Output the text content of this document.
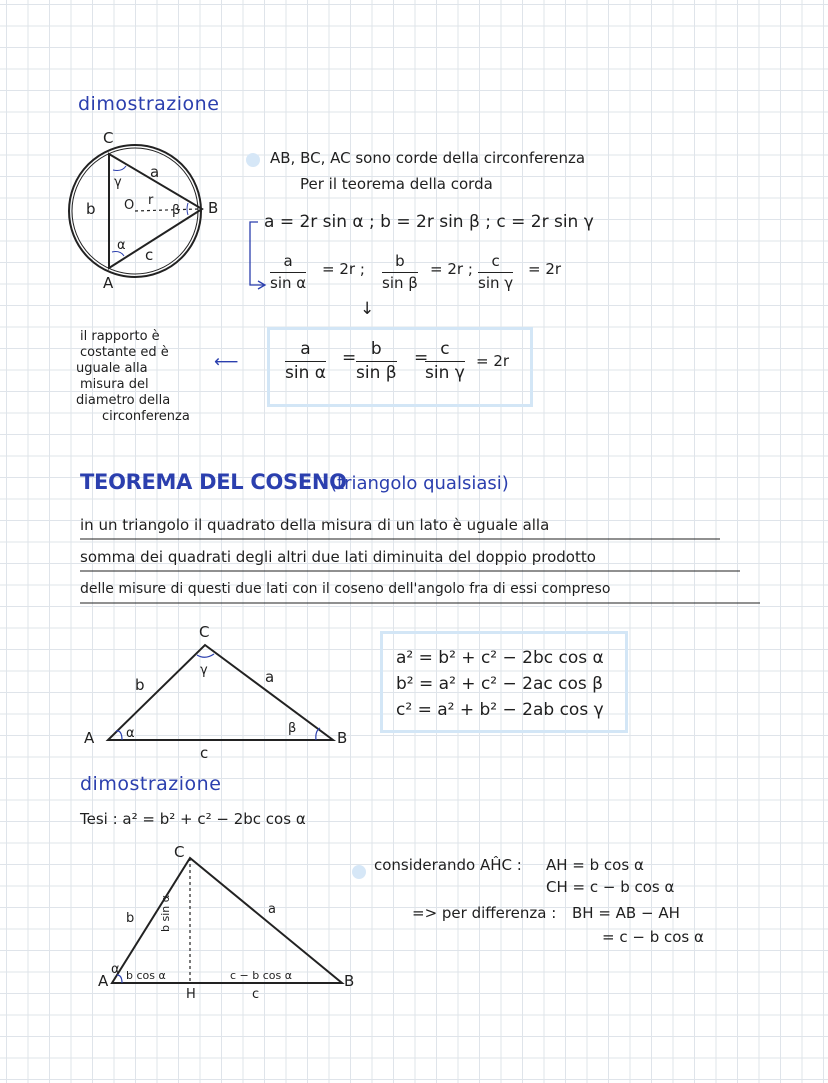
dimostrazione
C
A
B
O r
a
b
c
γ
α
β
AB, BC, AC sono corde della circonferenza
Per il teorema della corda
a = 2r sin α ; b = 2r sin β ; c = 2r sin γ
a
sin α
= 2r ; b
sin β
= 2r ; c
sin γ
= 2r
↓
a
sin α
= b
sin β
= c
sin γ
= 2r
⟵
il rapporto è
costante ed è
uguale alla
misura del
diametro della
circonferenza
TEOREMA DEL COSENO
(triangolo qualsiasi)
in un triangolo il quadrato della misura di un lato è uguale alla
somma dei quadrati degli altri due lati diminuita del doppio prodotto
delle misure di questi due lati con il coseno dell'angolo fra di essi compreso
A	B
C
b	a
c
α	β
γ
a² = b² + c² − 2bc cos α
b² = a² + c² − 2ac cos β
c² = a² + b² − 2ab cos γ
dimostrazione
Tesi : a² = b² + c² − 2bc cos α
A	B
C
H
b
a
c
α
b sin α
b cos α	c − b cos α
considerando AĤC : AH = b cos α
CH = c − b cos α
=> per differenza : BH = AB − AH
= c − b cos α
